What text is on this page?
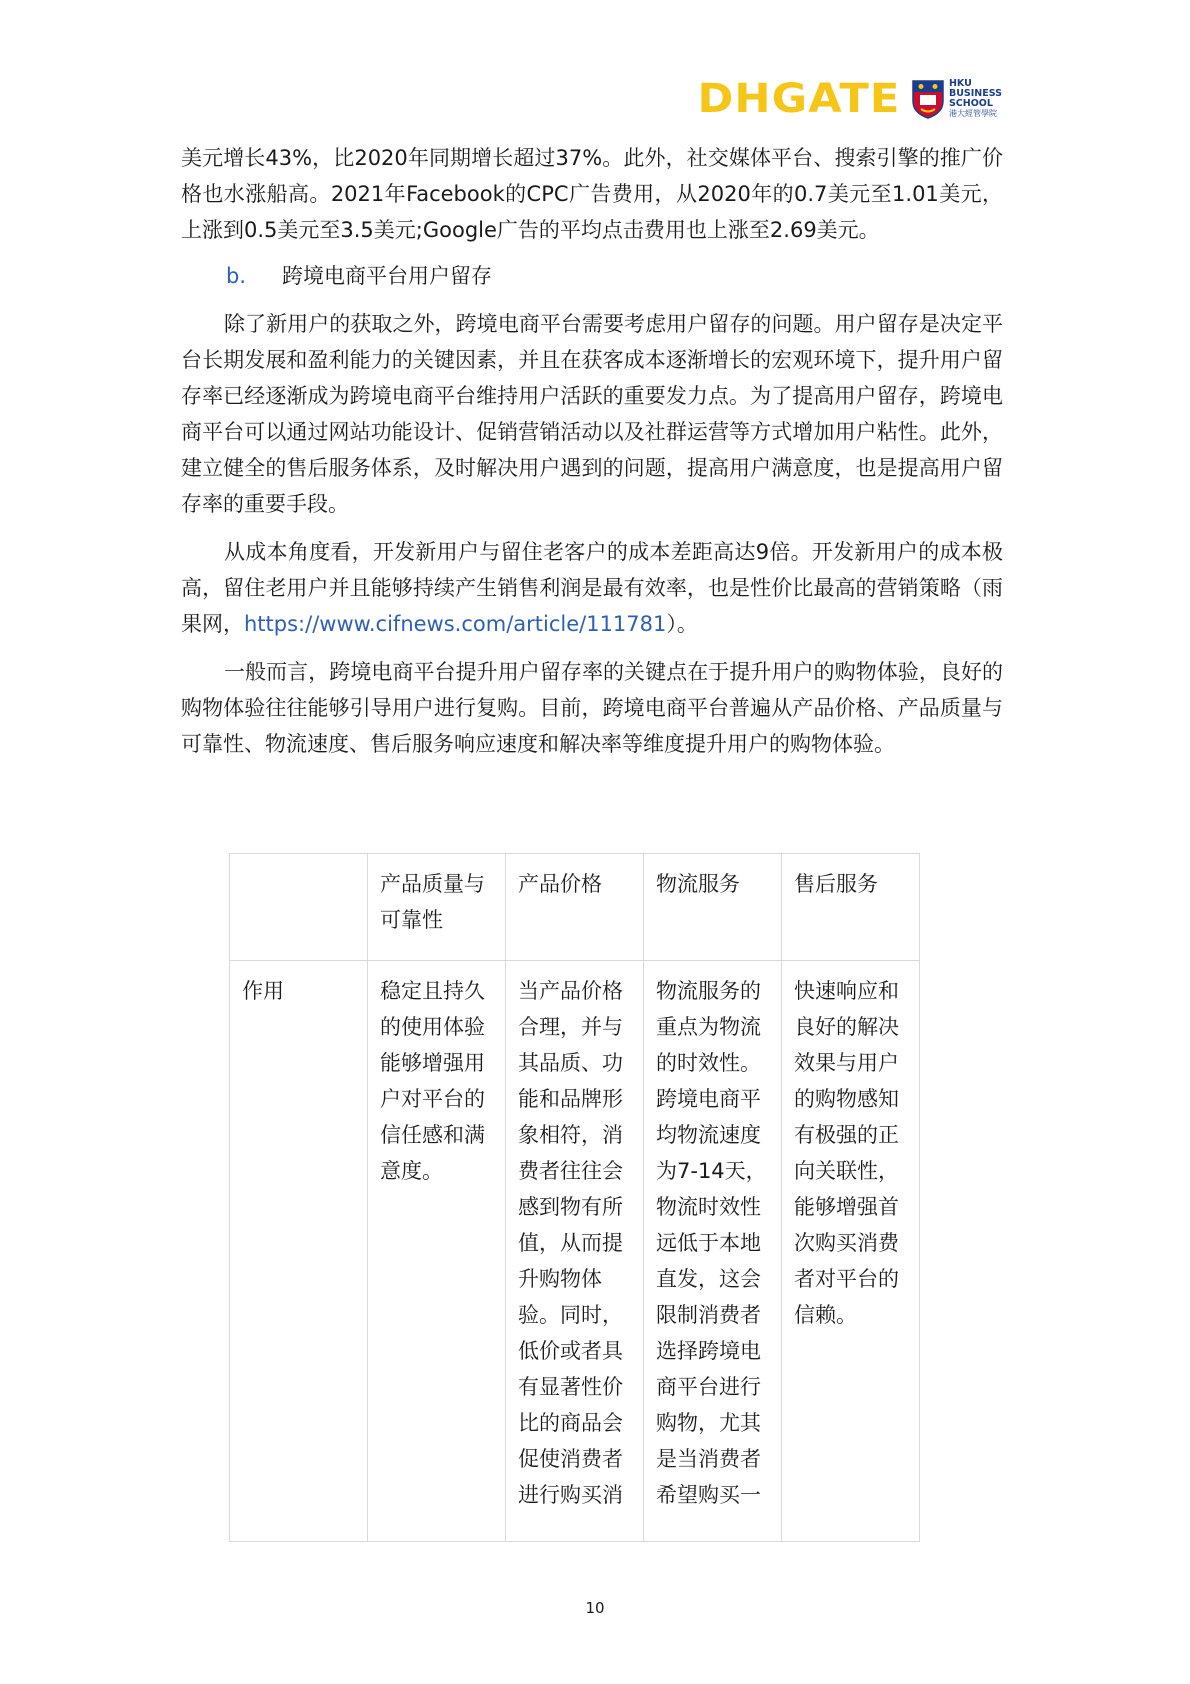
DHGATE	HKU
BUSINESS
SCHOOL
港大經管學院

美元增长43%，比2020年同期增长超过37%。此外，社交媒体平台、搜索引擎的推广价格也水涨船高。2021年Facebook的CPC广告费用，从2020年的0.7美元至1.01美元，上涨到0.5美元至3.5美元;Google广告的平均点击费用也上涨至2.69美元。

b.	跨境电商平台用户留存

除了新用户的获取之外，跨境电商平台需要考虑用户留存的问题。用户留存是决定平台长期发展和盈利能力的关键因素，并且在获客成本逐渐增长的宏观环境下，提升用户留存率已经逐渐成为跨境电商平台维持用户活跃的重要发力点。为了提高用户留存，跨境电商平台可以通过网站功能设计、促销营销活动以及社群运营等方式增加用户粘性。此外，建立健全的售后服务体系，及时解决用户遇到的问题，提高用户满意度，也是提高用户留存率的重要手段。

从成本角度看，开发新用户与留住老客户的成本差距高达9倍。开发新用户的成本极高，留住老用户并且能够持续产生销售利润是最有效率，也是性价比最高的营销策略（雨果网，https://www.cifnews.com/article/111781）。

一般而言，跨境电商平台提升用户留存率的关键点在于提升用户的购物体验，良好的购物体验往往能够引导用户进行复购。目前，跨境电商平台普遍从产品价格、产品质量与可靠性、物流速度、售后服务响应速度和解决率等维度提升用户的购物体验。

	产品质量与可靠性	产品价格	物流服务	售后服务

作用	稳定且持久的使用体验能够增强用户对平台的信任感和满意度。	当产品价格合理，并与其品质、功能和品牌形象相符，消费者往往会感到物有所值，从而提升购物体验。同时，低价或者具有显著性价比的商品会促使消费者进行购买消	物流服务的重点为物流的时效性。跨境电商平均物流速度为7-14天，物流时效性远低于本地直发，这会限制消费者选择跨境电商平台进行购物，尤其是当消费者希望购买一	快速响应和良好的解决效果与用户的购物感知有极强的正向关联性，能够增强首次购买消费者对平台的信赖。
10
